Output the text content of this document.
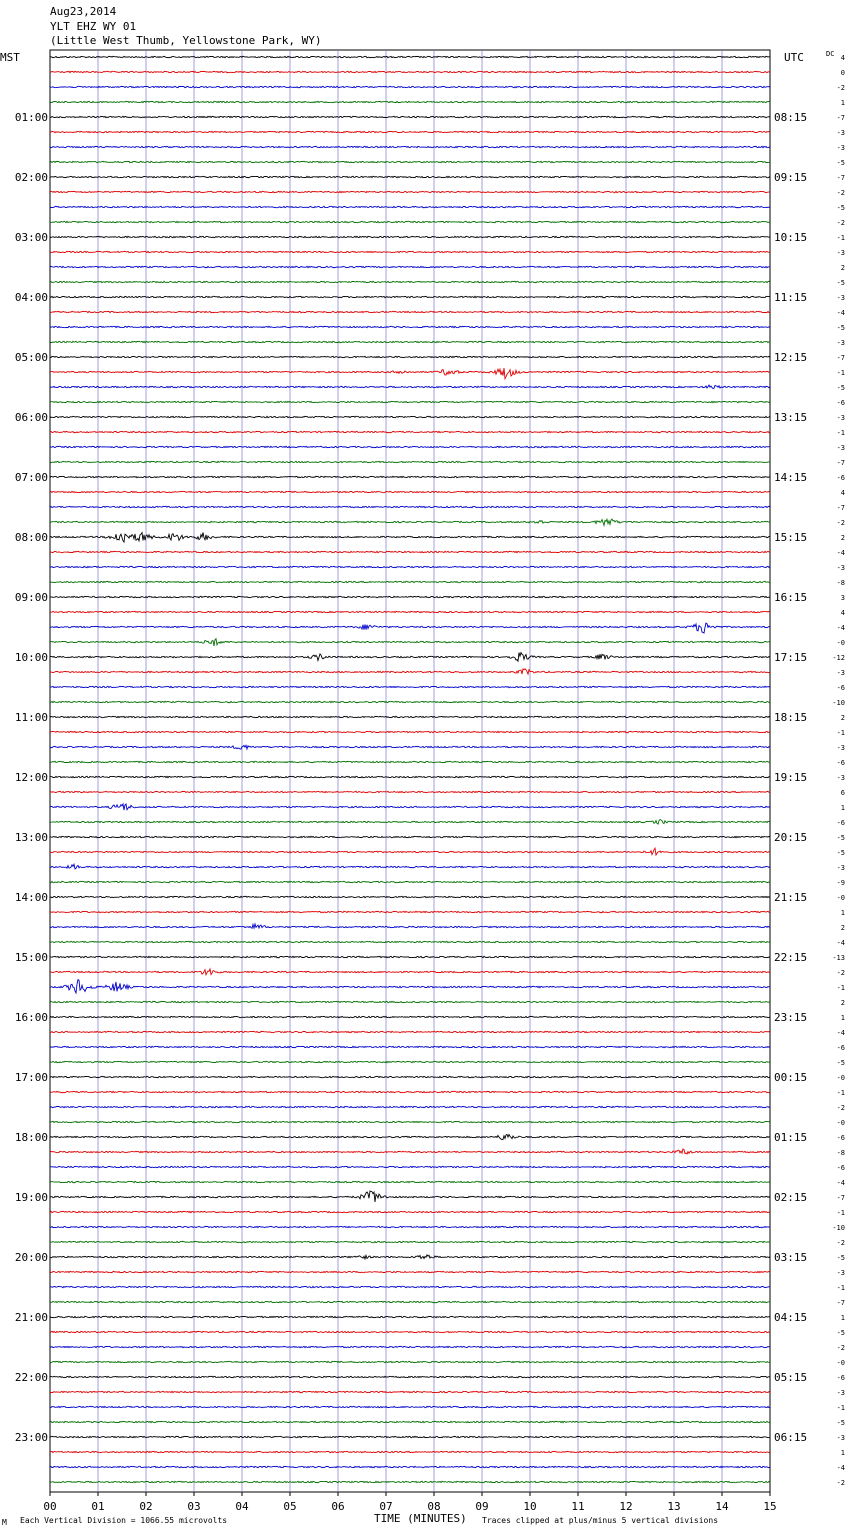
MST	UTC	DC
01:00
02:00
03:00
04:00
05:00
06:00
07:00
08:00
09:00
10:00
11:00
12:00
13:00
14:00
15:00
16:00
17:00
18:00
19:00
20:00
21:00
22:00
23:00
08:15
09:15
10:15
11:15
12:15
13:15
14:15
15:15
16:15
17:15
18:15
19:15
20:15
21:15
22:15
23:15
00:15
01:15
02:15
03:15
04:15
05:15
06:15
4
0
-2
1
-7
-3
-3
-5
-7
-2
-5
-2
-1
-3
2
-5
-3
-4
-5
-3
-7
-1
-5
-6
-3
-1
-3
-7
-6
4
-7
-2
2
-4
-3
-8
3
4
-4
-0
-12
-3
-6
-10
2
-1
-3
-6
-3
6
1
-6
-5
-5
-3
-9
-0
1
2
-4
-13
-2
-1
2
1
-4
-6
-5
-0
-1
-2
-0
-6
-8
-6
-4
-7
-1
-10
-2
-5
-3
-1
-7
1
-5
-2
-0
-6
-3
-1
-5
-3
1
-4
-2
00	01	02	03	04	05	06	07	08	09	10	11	12	13	14	15
Aug23,2014
YLT EHZ WY 01
(Little West Thumb, Yellowstone Park, WY)
M Each Vertical Division = 1066.55 microvolts	TIME (MINUTES) Traces clipped at plus/minus 5 vertical divisions
